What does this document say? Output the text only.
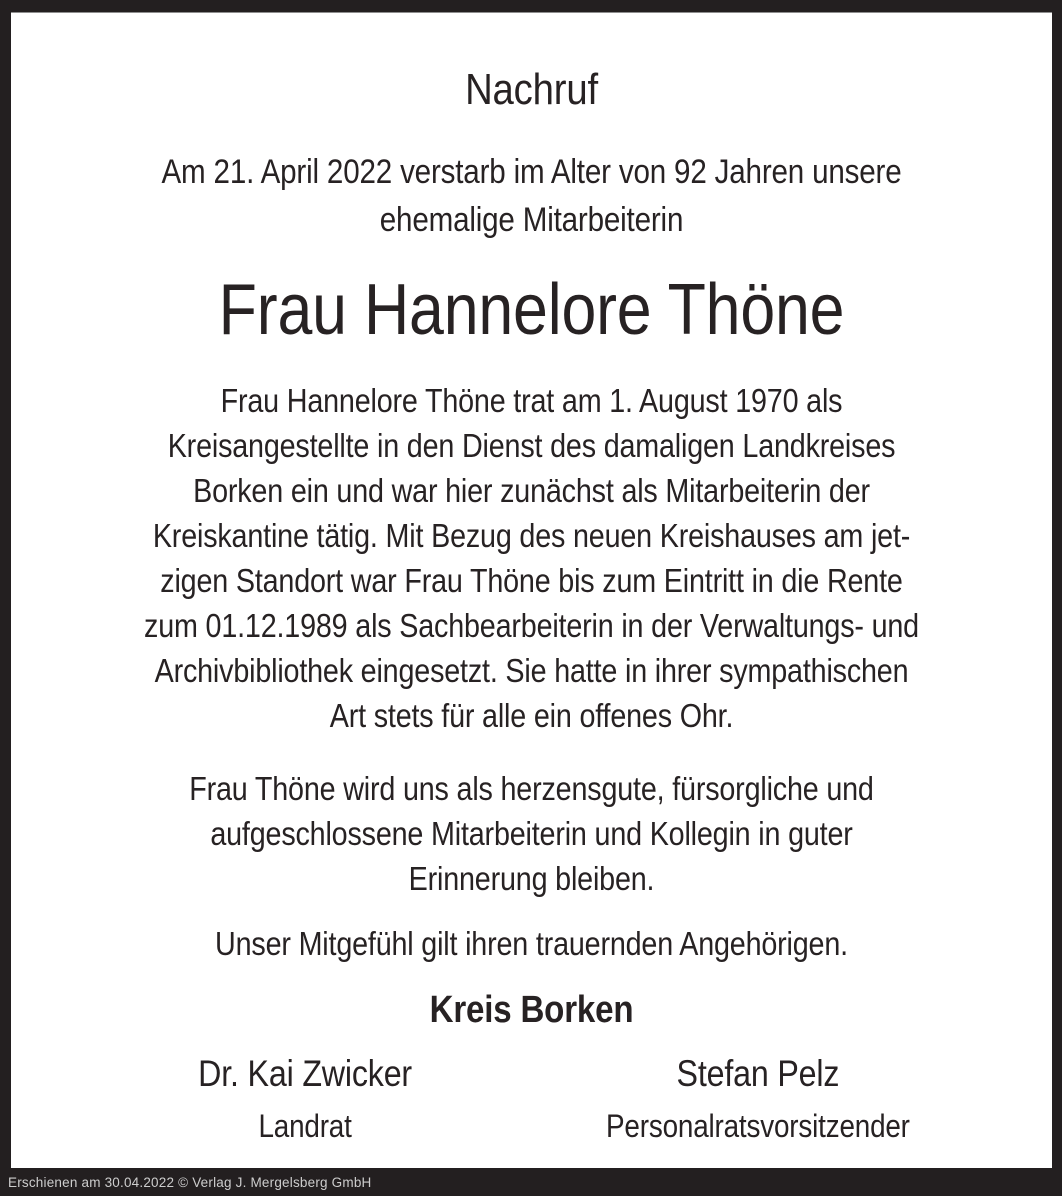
Nachruf
Am 21. April 2022 verstarb im Alter von 92 Jahren unsere
ehemalige Mitarbeiterin
Frau Hannelore Thöne
Frau Hannelore Thöne trat am 1. August 1970 als
Kreisangestellte in den Dienst des damaligen Landkreises
Borken ein und war hier zunächst als Mitarbeiterin der
Kreiskantine tätig. Mit Bezug des neuen Kreishauses am jet-
zigen Standort war Frau Thöne bis zum Eintritt in die Rente
zum 01.12.1989 als Sachbearbeiterin in der Verwaltungs- und
Archivbibliothek eingesetzt. Sie hatte in ihrer sympathischen
Art stets für alle ein offenes Ohr.
Frau Thöne wird uns als herzensgute, fürsorgliche und
aufgeschlossene Mitarbeiterin und Kollegin in guter
Erinnerung bleiben.
Unser Mitgefühl gilt ihren trauernden Angehörigen.
Kreis Borken
Dr. Kai Zwicker
Landrat
Stefan Pelz
Personalratsvorsitzender
Erschienen am 30.04.2022 © Verlag J. Mergelsberg GmbH
